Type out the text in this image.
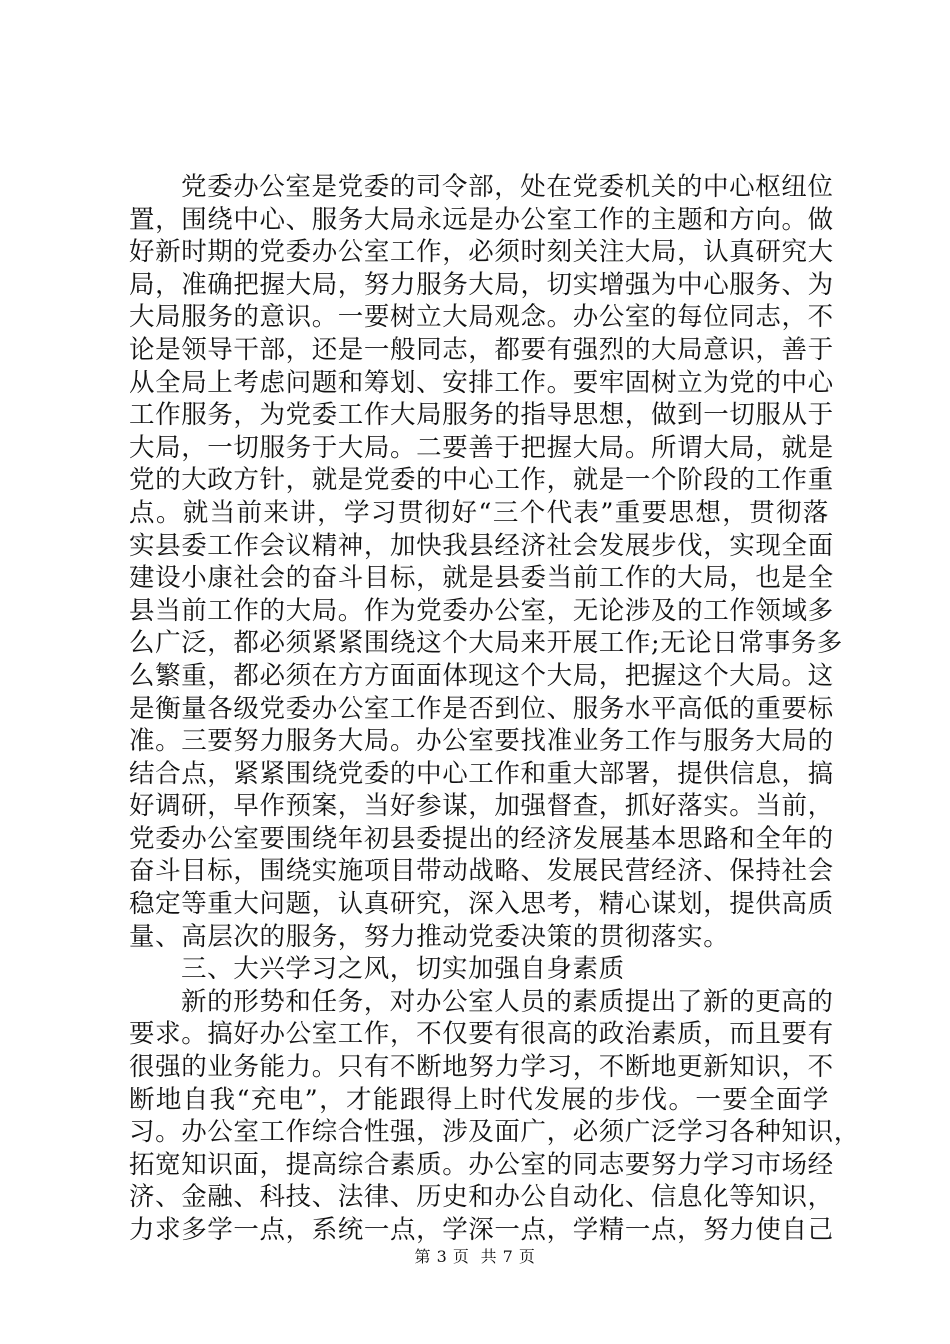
党委办公室是党委的司令部，处在党委机关的中心枢纽位
置，围绕中心、服务大局永远是办公室工作的主题和方向。做
好新时期的党委办公室工作，必须时刻关注大局，认真研究大
局，准确把握大局，努力服务大局，切实增强为中心服务、为
大局服务的意识。一要树立大局观念。办公室的每位同志，不
论是领导干部，还是一般同志，都要有强烈的大局意识，善于
从全局上考虑问题和筹划、安排工作。要牢固树立为党的中心
工作服务，为党委工作大局服务的指导思想，做到一切服从于
大局，一切服务于大局。二要善于把握大局。所谓大局，就是
党的大政方针，就是党委的中心工作，就是一个阶段的工作重
点。就当前来讲，学习贯彻好“三个代表”重要思想，贯彻落
实县委工作会议精神，加快我县经济社会发展步伐，实现全面
建设小康社会的奋斗目标，就是县委当前工作的大局，也是全
县当前工作的大局。作为党委办公室，无论涉及的工作领域多
么广泛，都必须紧紧围绕这个大局来开展工作;无论日常事务多
么繁重，都必须在方方面面体现这个大局，把握这个大局。这
是衡量各级党委办公室工作是否到位、服务水平高低的重要标
准。三要努力服务大局。办公室要找准业务工作与服务大局的
结合点，紧紧围绕党委的中心工作和重大部署，提供信息，搞
好调研，早作预案，当好参谋，加强督查，抓好落实。当前，
党委办公室要围绕年初县委提出的经济发展基本思路和全年的
奋斗目标，围绕实施项目带动战略、发展民营经济、保持社会
稳定等重大问题，认真研究，深入思考，精心谋划，提供高质
量、高层次的服务，努力推动党委决策的贯彻落实。
三、大兴学习之风，切实加强自身素质
新的形势和任务，对办公室人员的素质提出了新的更高的
要求。搞好办公室工作，不仅要有很高的政治素质，而且要有
很强的业务能力。只有不断地努力学习，不断地更新知识，不
断地自我“充电”，才能跟得上时代发展的步伐。一要全面学
习。办公室工作综合性强，涉及面广，必须广泛学习各种知识，
拓宽知识面，提高综合素质。办公室的同志要努力学习市场经
济、金融、科技、法律、历史和办公自动化、信息化等知识，
力求多学一点，系统一点，学深一点，学精一点，努力使自己
第 3 页  共 7 页
